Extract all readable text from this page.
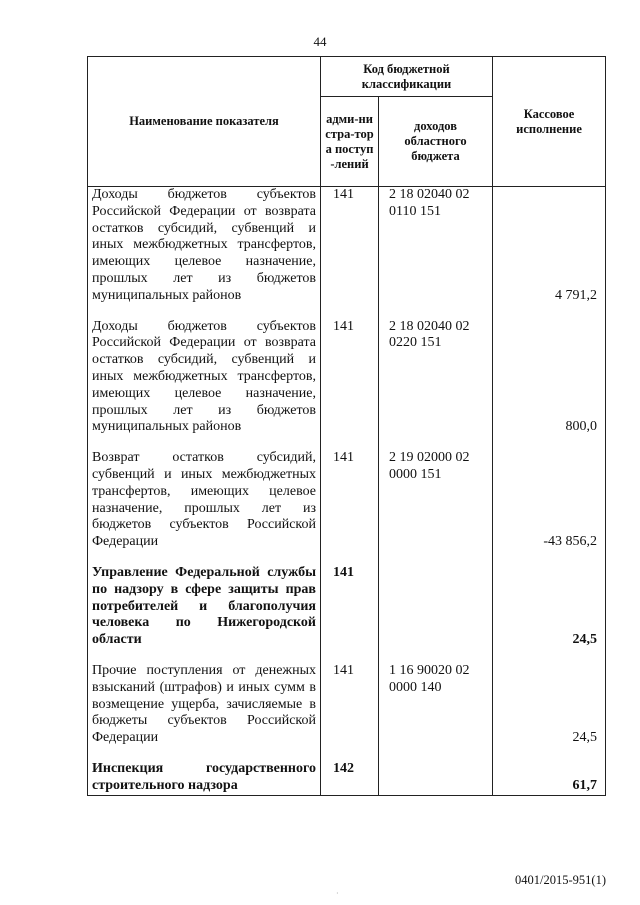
44
Наименование показателя	Код бюджетной классификации		Кассовое исполнение
	адми-нистра-тора поступ-лений	доходов областного бюджета	

Доходы бюджетов субъектов Российской Федерации от возврата остатков субсидий, субвенций и иных межбюджетных трансфертов, имеющих целевое назначение, прошлых лет из бюджетов муниципальных районов	141	2 18 02040 02 0110 151	4 791,2

Доходы бюджетов субъектов Российской Федерации от возврата остатков субсидий, субвенций и иных межбюджетных трансфертов, имеющих целевое назначение, прошлых лет из бюджетов муниципальных районов	141	2 18 02040 02 0220 151	800,0

Возврат остатков субсидий, субвенций и иных межбюджетных трансфертов, имеющих целевое назначение, прошлых лет из бюджетов субъектов Российской Федерации	141	2 19 02000 02 0000 151	-43 856,2

Управление Федеральной службы по надзору в сфере защиты прав потребителей и благополучия человека по Нижегородской области	141		24,5

Прочие поступления от денежных взысканий (штрафов) и иных сумм в возмещение ущерба, зачисляемые в бюджеты субъектов Российской Федерации	141	1 16 90020 02 0000 140	24,5

Инспекция государственного строительного надзора	142		61,7
0401/2015-951(1)
·
